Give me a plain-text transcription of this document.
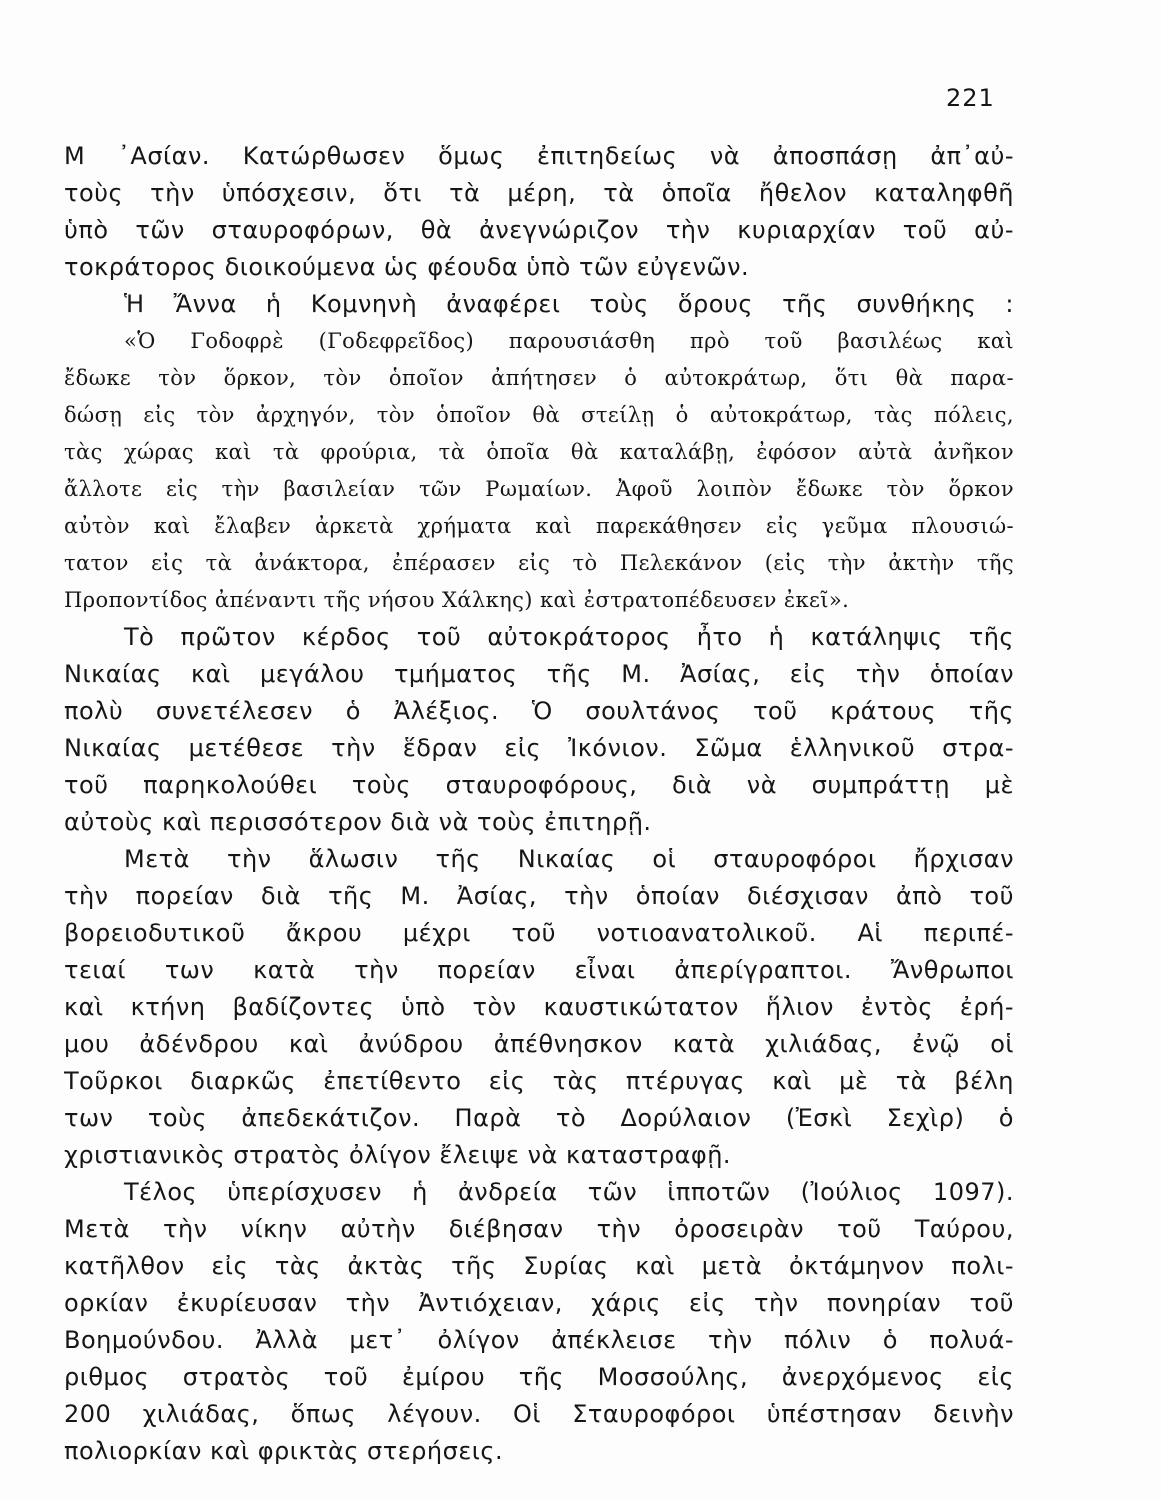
221
Μ ᾽Ασίαν. Κατώρθωσεν ὅμως ἐπιτηδείως νὰ ἀποσπάσῃ ἀπ᾽αὐ-
τοὺς τὴν ὑπόσχεσιν, ὅτι τὰ μέρη, τὰ ὁποῖα ἤθελον καταληφθῆ
ὑπὸ τῶν σταυροφόρων, θὰ ἀνεγνώριζον τὴν κυριαρχίαν τοῦ αὐ-
τοκράτορος διοικούμενα ὡς φέουδα ὑπὸ τῶν εὐγενῶν.
Ἡ Ἄννα ἡ Κομνηνὴ ἀναφέρει τοὺς ὅρους τῆς συνθήκης :
«Ὁ Γοδοφρὲ (Γοδεφρεῖδος) παρουσιάσθη πρὸ τοῦ βασιλέως καὶ
ἔδωκε τὸν ὅρκον, τὸν ὁποῖον ἀπήτησεν ὁ αὐτοκράτωρ, ὅτι θὰ παρα-
δώσῃ εἰς τὸν ἀρχηγόν, τὸν ὁποῖον θὰ στείλῃ ὁ αὐτοκράτωρ, τὰς πόλεις,
τὰς χώρας καὶ τὰ φρούρια, τὰ ὁποῖα θὰ καταλάβῃ, ἐφόσον αὐτὰ ἀνῆκον
ἄλλοτε εἰς τὴν βασιλείαν τῶν Ρωμαίων. Ἀφοῦ λοιπὸν ἔδωκε τὸν ὅρκον
αὐτὸν καὶ ἔλαβεν ἀρκετὰ χρήματα καὶ παρεκάθησεν εἰς γεῦμα πλουσιώ-
τατον εἰς τὰ ἀνάκτορα, ἐπέρασεν εἰς τὸ Πελεκάνον (εἰς τὴν ἀκτὴν τῆς
Προποντίδος ἀπέναντι τῆς νήσου Χάλκης) καὶ ἐστρατοπέδευσεν ἐκεῖ».
Τὸ πρῶτον κέρδος τοῦ αὐτοκράτορος ἦτο ἡ κατάληψις τῆς
Νικαίας καὶ μεγάλου τμήματος τῆς Μ. Ἀσίας, εἰς τὴν ὁποίαν
πολὺ συνετέλεσεν ὁ Ἀλέξιος. Ὁ σουλτάνος τοῦ κράτους τῆς
Νικαίας μετέθεσε τὴν ἕδραν εἰς Ἰκόνιον. Σῶμα ἑλληνικοῦ στρα-
τοῦ παρηκολούθει τοὺς σταυροφόρους, διὰ νὰ συμπράττῃ μὲ
αὐτοὺς καὶ περισσότερον διὰ νὰ τοὺς ἐπιτηρῇ.
Μετὰ τὴν ἅλωσιν τῆς Νικαίας οἱ σταυροφόροι ἤρχισαν
τὴν πορείαν διὰ τῆς Μ. Ἀσίας, τὴν ὁποίαν διέσχισαν ἀπὸ τοῦ
βορειοδυτικοῦ ἄκρου μέχρι τοῦ νοτιοανατολικοῦ. Αἱ περιπέ-
τειαί των κατὰ τὴν πορείαν εἶναι ἀπερίγραπτοι. Ἄνθρωποι
καὶ κτήνη βαδίζοντες ὑπὸ τὸν καυστικώτατον ἥλιον ἐντὸς ἐρή-
μου ἀδένδρου καὶ ἀνύδρου ἀπέθνησκον κατὰ χιλιάδας, ἐνῷ οἱ
Τοῦρκοι διαρκῶς ἐπετίθεντο εἰς τὰς πτέρυγας καὶ μὲ τὰ βέλη
των τοὺς ἀπεδεκάτιζον. Παρὰ τὸ Δορύλαιον (Ἐσκὶ Σεχὶρ) ὁ
χριστιανικὸς στρατὸς ὀλίγον ἔλειψε νὰ καταστραφῇ.
Τέλος ὑπερίσχυσεν ἡ ἀνδρεία τῶν ἱπποτῶν (Ἰούλιος 1097).
Μετὰ τὴν νίκην αὐτὴν διέβησαν τὴν ὀροσειρὰν τοῦ Ταύρου,
κατῆλθον εἰς τὰς ἀκτὰς τῆς Συρίας καὶ μετὰ ὀκτάμηνον πολι-
ορκίαν ἐκυρίευσαν τὴν Ἀντιόχειαν, χάρις εἰς τὴν πονηρίαν τοῦ
Βοημούνδου. Ἀλλὰ μετ᾽ ὀλίγον ἀπέκλεισε τὴν πόλιν ὁ πολυά-
ριθμος στρατὸς τοῦ ἐμίρου τῆς Μοσσούλης, ἀνερχόμενος εἰς
200 χιλιάδας, ὅπως λέγουν. Οἱ Σταυροφόροι ὑπέστησαν δεινὴν
πολιορκίαν καὶ φρικτὰς στερήσεις.
